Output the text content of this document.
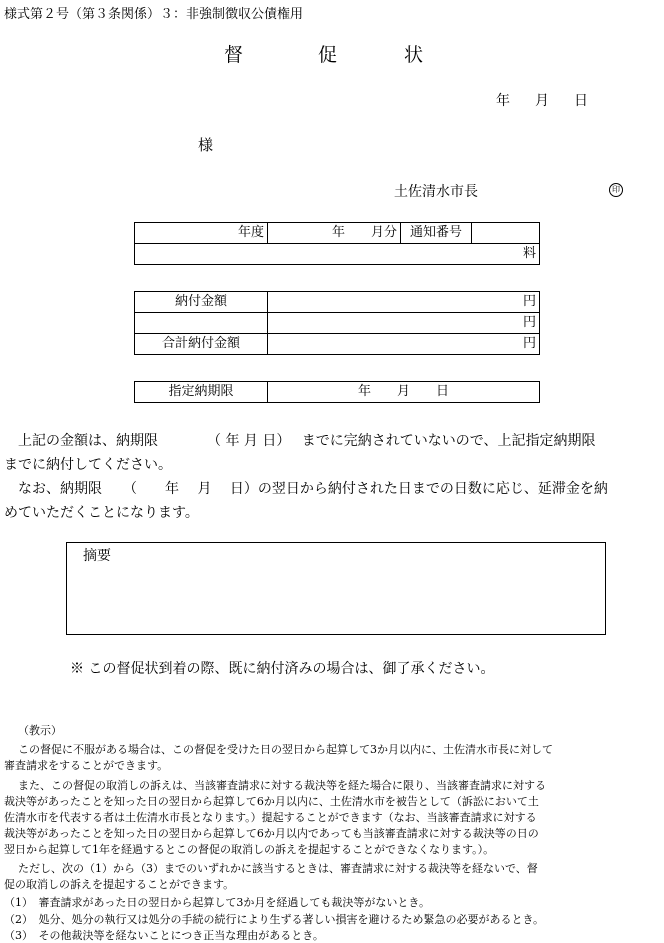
様式第２号（第３条関係）３：非強制徴収公債権用
督	促	状
年 月 日
様
土佐清水市長	印
年度	年　　月分	通知番号	
料
納付金額	円
	円
合計納付金額	円
指定納期限	年　　月　　日
上記の金額は、納期限　　　　（ 年 月 日）　 までに完納されていないので、上記指定納期限
までに納付してください。
なお、納期限　　（　　年　 月　 日）の翌日から納付された日までの日数に応じ、延滞金を納
めていただくことになります。
摘要
※ この督促状到着の際、既に納付済みの場合は、御了承ください。
（教示）
この督促に不服がある場合は、この督促を受けた日の翌日から起算して3か月以内に、土佐清水市長に対して
審査請求をすることができます。
また、この督促の取消しの訴えは、当該審査請求に対する裁決等を経た場合に限り、当該審査請求に対する
裁決等があったことを知った日の翌日から起算して6か月以内に、土佐清水市を被告として（訴訟において土
佐清水市を代表する者は土佐清水市長となります。）提起することができます（なお、当該審査請求に対する
裁決等があったことを知った日の翌日から起算して6か月以内であっても当該審査請求に対する裁決等の日の
翌日から起算して1年を経過するとこの督促の取消しの訴えを提起することができなくなります。）。
ただし、次の（1）から（3）までのいずれかに該当するときは、審査請求に対する裁決等を経ないで、督
促の取消しの訴えを提起することができます。
（1）　審査請求があった日の翌日から起算して3か月を経過しても裁決等がないとき。
（2）　処分、処分の執行又は処分の手続の続行により生ずる著しい損害を避けるため緊急の必要があるとき。
（3）　その他裁決等を経ないことにつき正当な理由があるとき。
